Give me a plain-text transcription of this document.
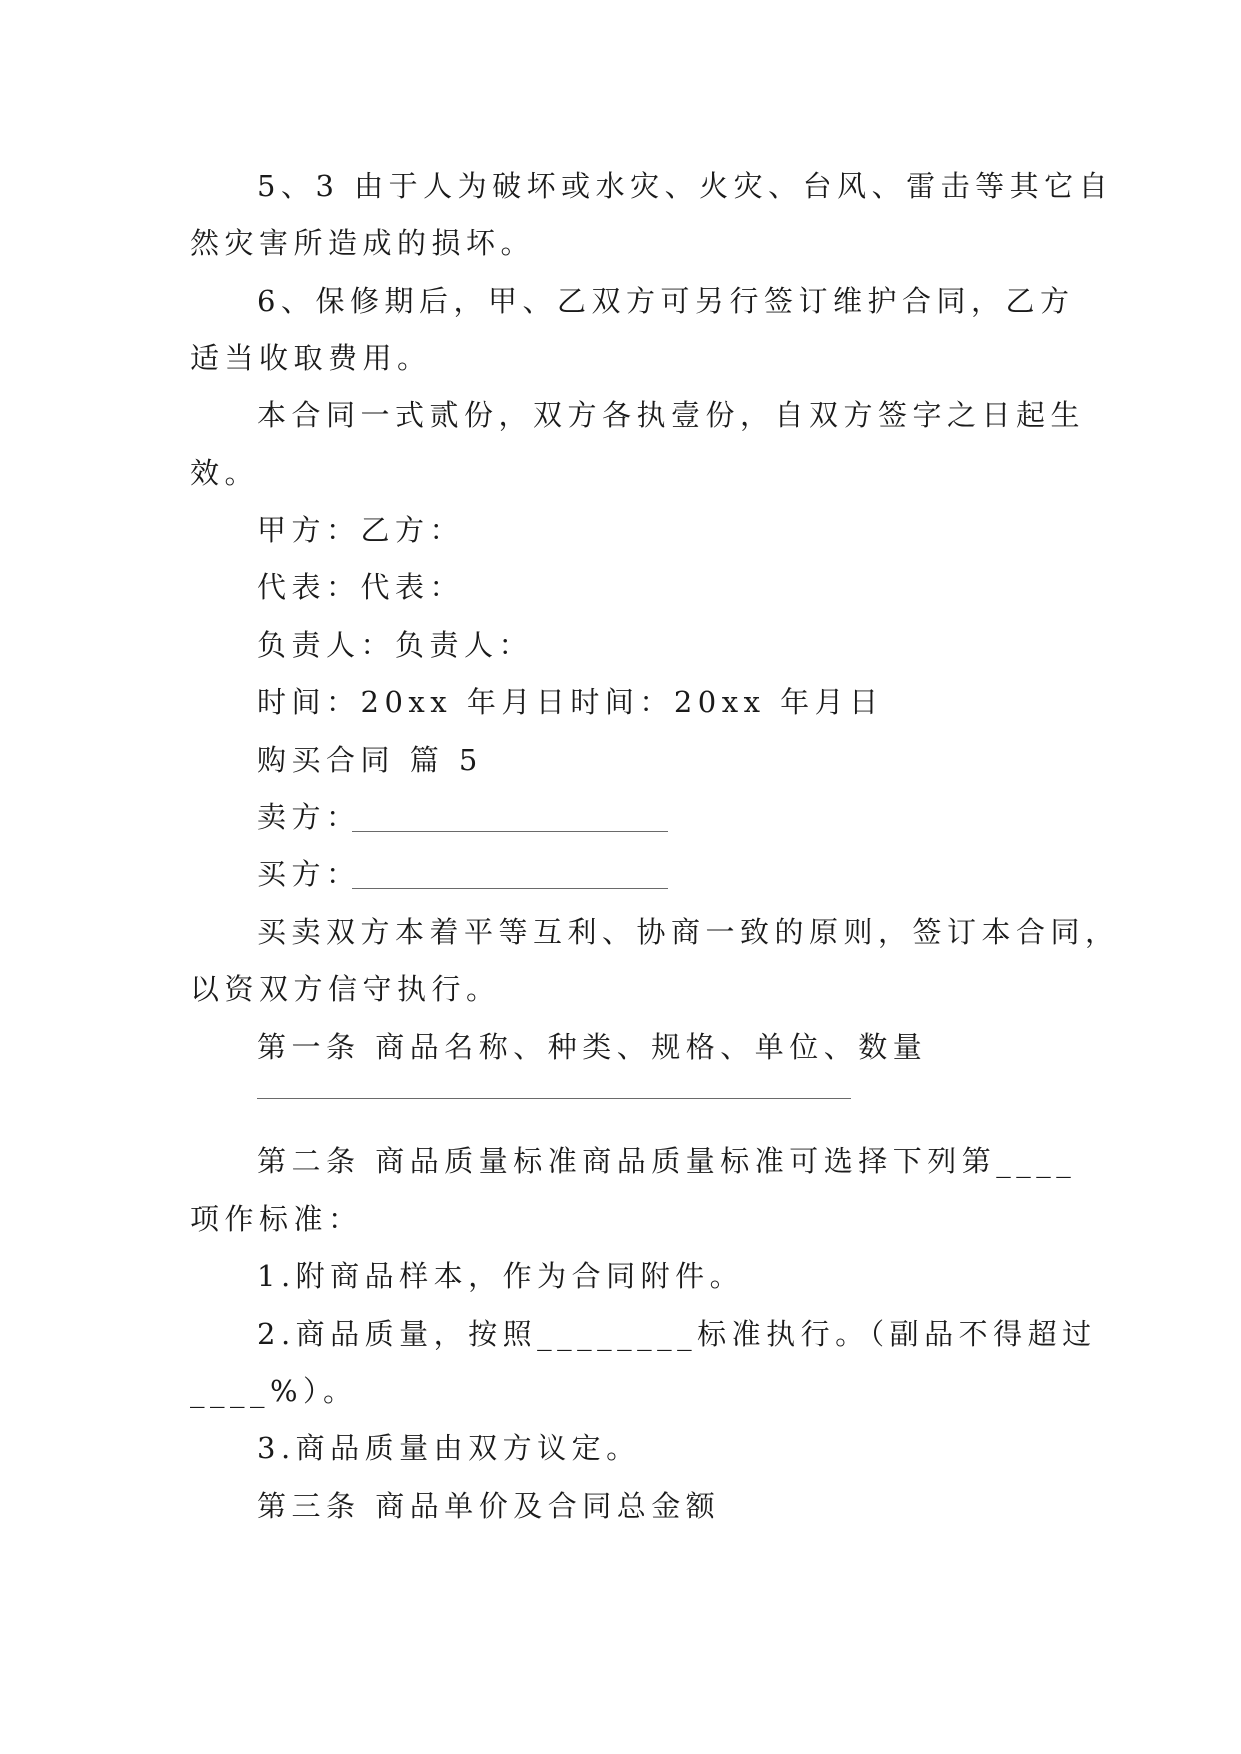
5、3 由于人为破坏或水灾、火灾、台风、雷击等其它自
然灾害所造成的损坏。
6、保修期后，甲、乙双方可另行签订维护合同，乙方
适当收取费用。
本合同一式贰份，双方各执壹份，自双方签字之日起生
效。
甲方：乙方：
代表：代表：
负责人：负责人：
时间：20xx 年月日时间：20xx 年月日
购买合同 篇 5
卖方：
买方：
买卖双方本着平等互利、协商一致的原则，签订本合同，
以资双方信守执行。
第一条 商品名称、种类、规格、单位、数量
第二条 商品质量标准商品质量标准可选择下列第____
项作标准：
1.附商品样本，作为合同附件。
2.商品质量，按照________标准执行。（副品不得超过
____%）。
3.商品质量由双方议定。
第三条 商品单价及合同总金额
